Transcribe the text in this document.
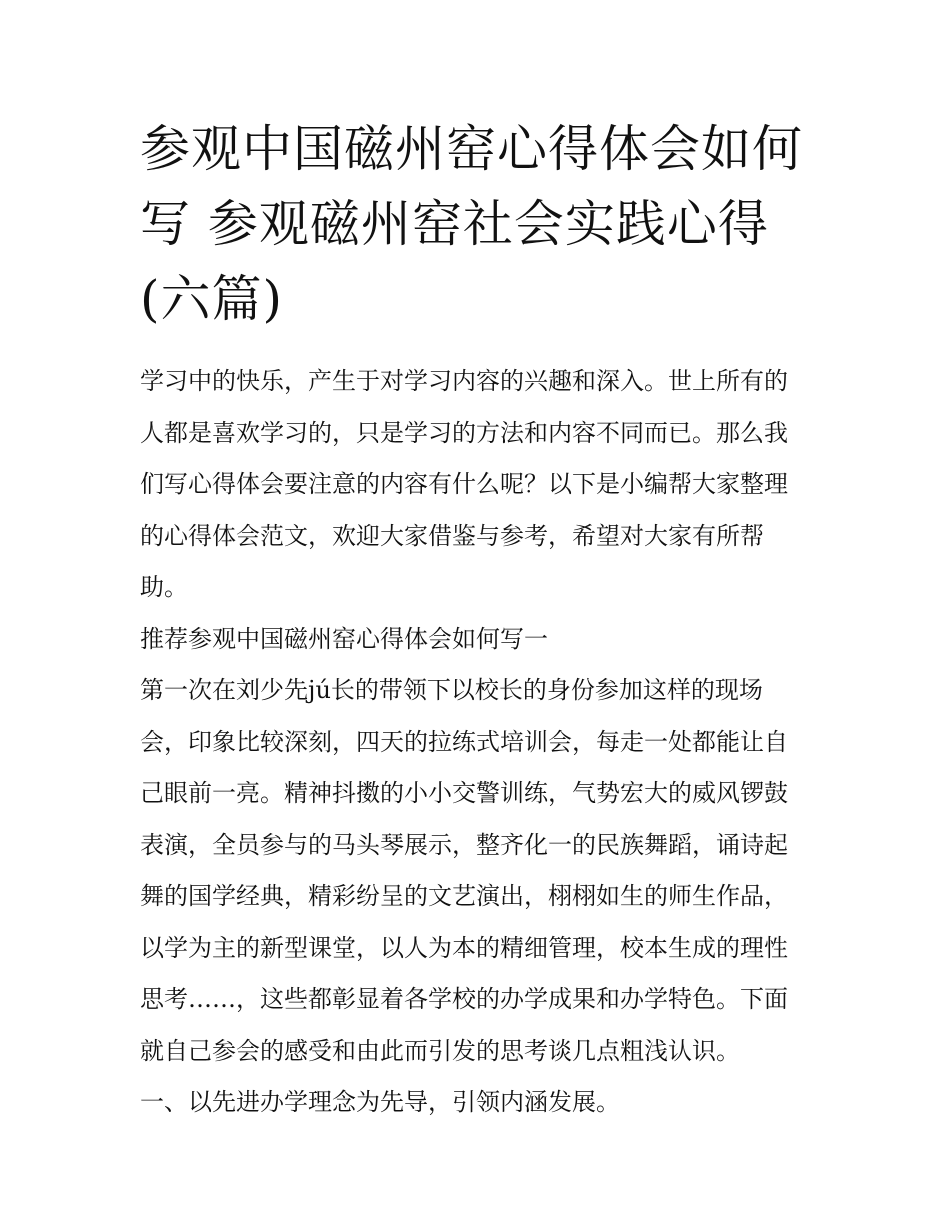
参观中国磁州窑心得体会如何
写 参观磁州窑社会实践心得
(六篇)

学习中的快乐，产生于对学习内容的兴趣和深入。世上所有的
人都是喜欢学习的，只是学习的方法和内容不同而已。那么我
们写心得体会要注意的内容有什么呢？以下是小编帮大家整理
的心得体会范文，欢迎大家借鉴与参考，希望对大家有所帮
助。

推荐参观中国磁州窑心得体会如何写一

第一次在刘少先jú长的带领下以校长的身份参加这样的现场
会，印象比较深刻，四天的拉练式培训会，每走一处都能让自
己眼前一亮。精神抖擞的小小交警训练，气势宏大的威风锣鼓
表演，全员参与的马头琴展示，整齐化一的民族舞蹈，诵诗起
舞的国学经典，精彩纷呈的文艺演出，栩栩如生的师生作品，
以学为主的新型课堂，以人为本的精细管理，校本生成的理性
思考……，这些都彰显着各学校的办学成果和办学特色。下面
就自己参会的感受和由此而引发的思考谈几点粗浅认识。

一、以先进办学理念为先导，引领内涵发展。
